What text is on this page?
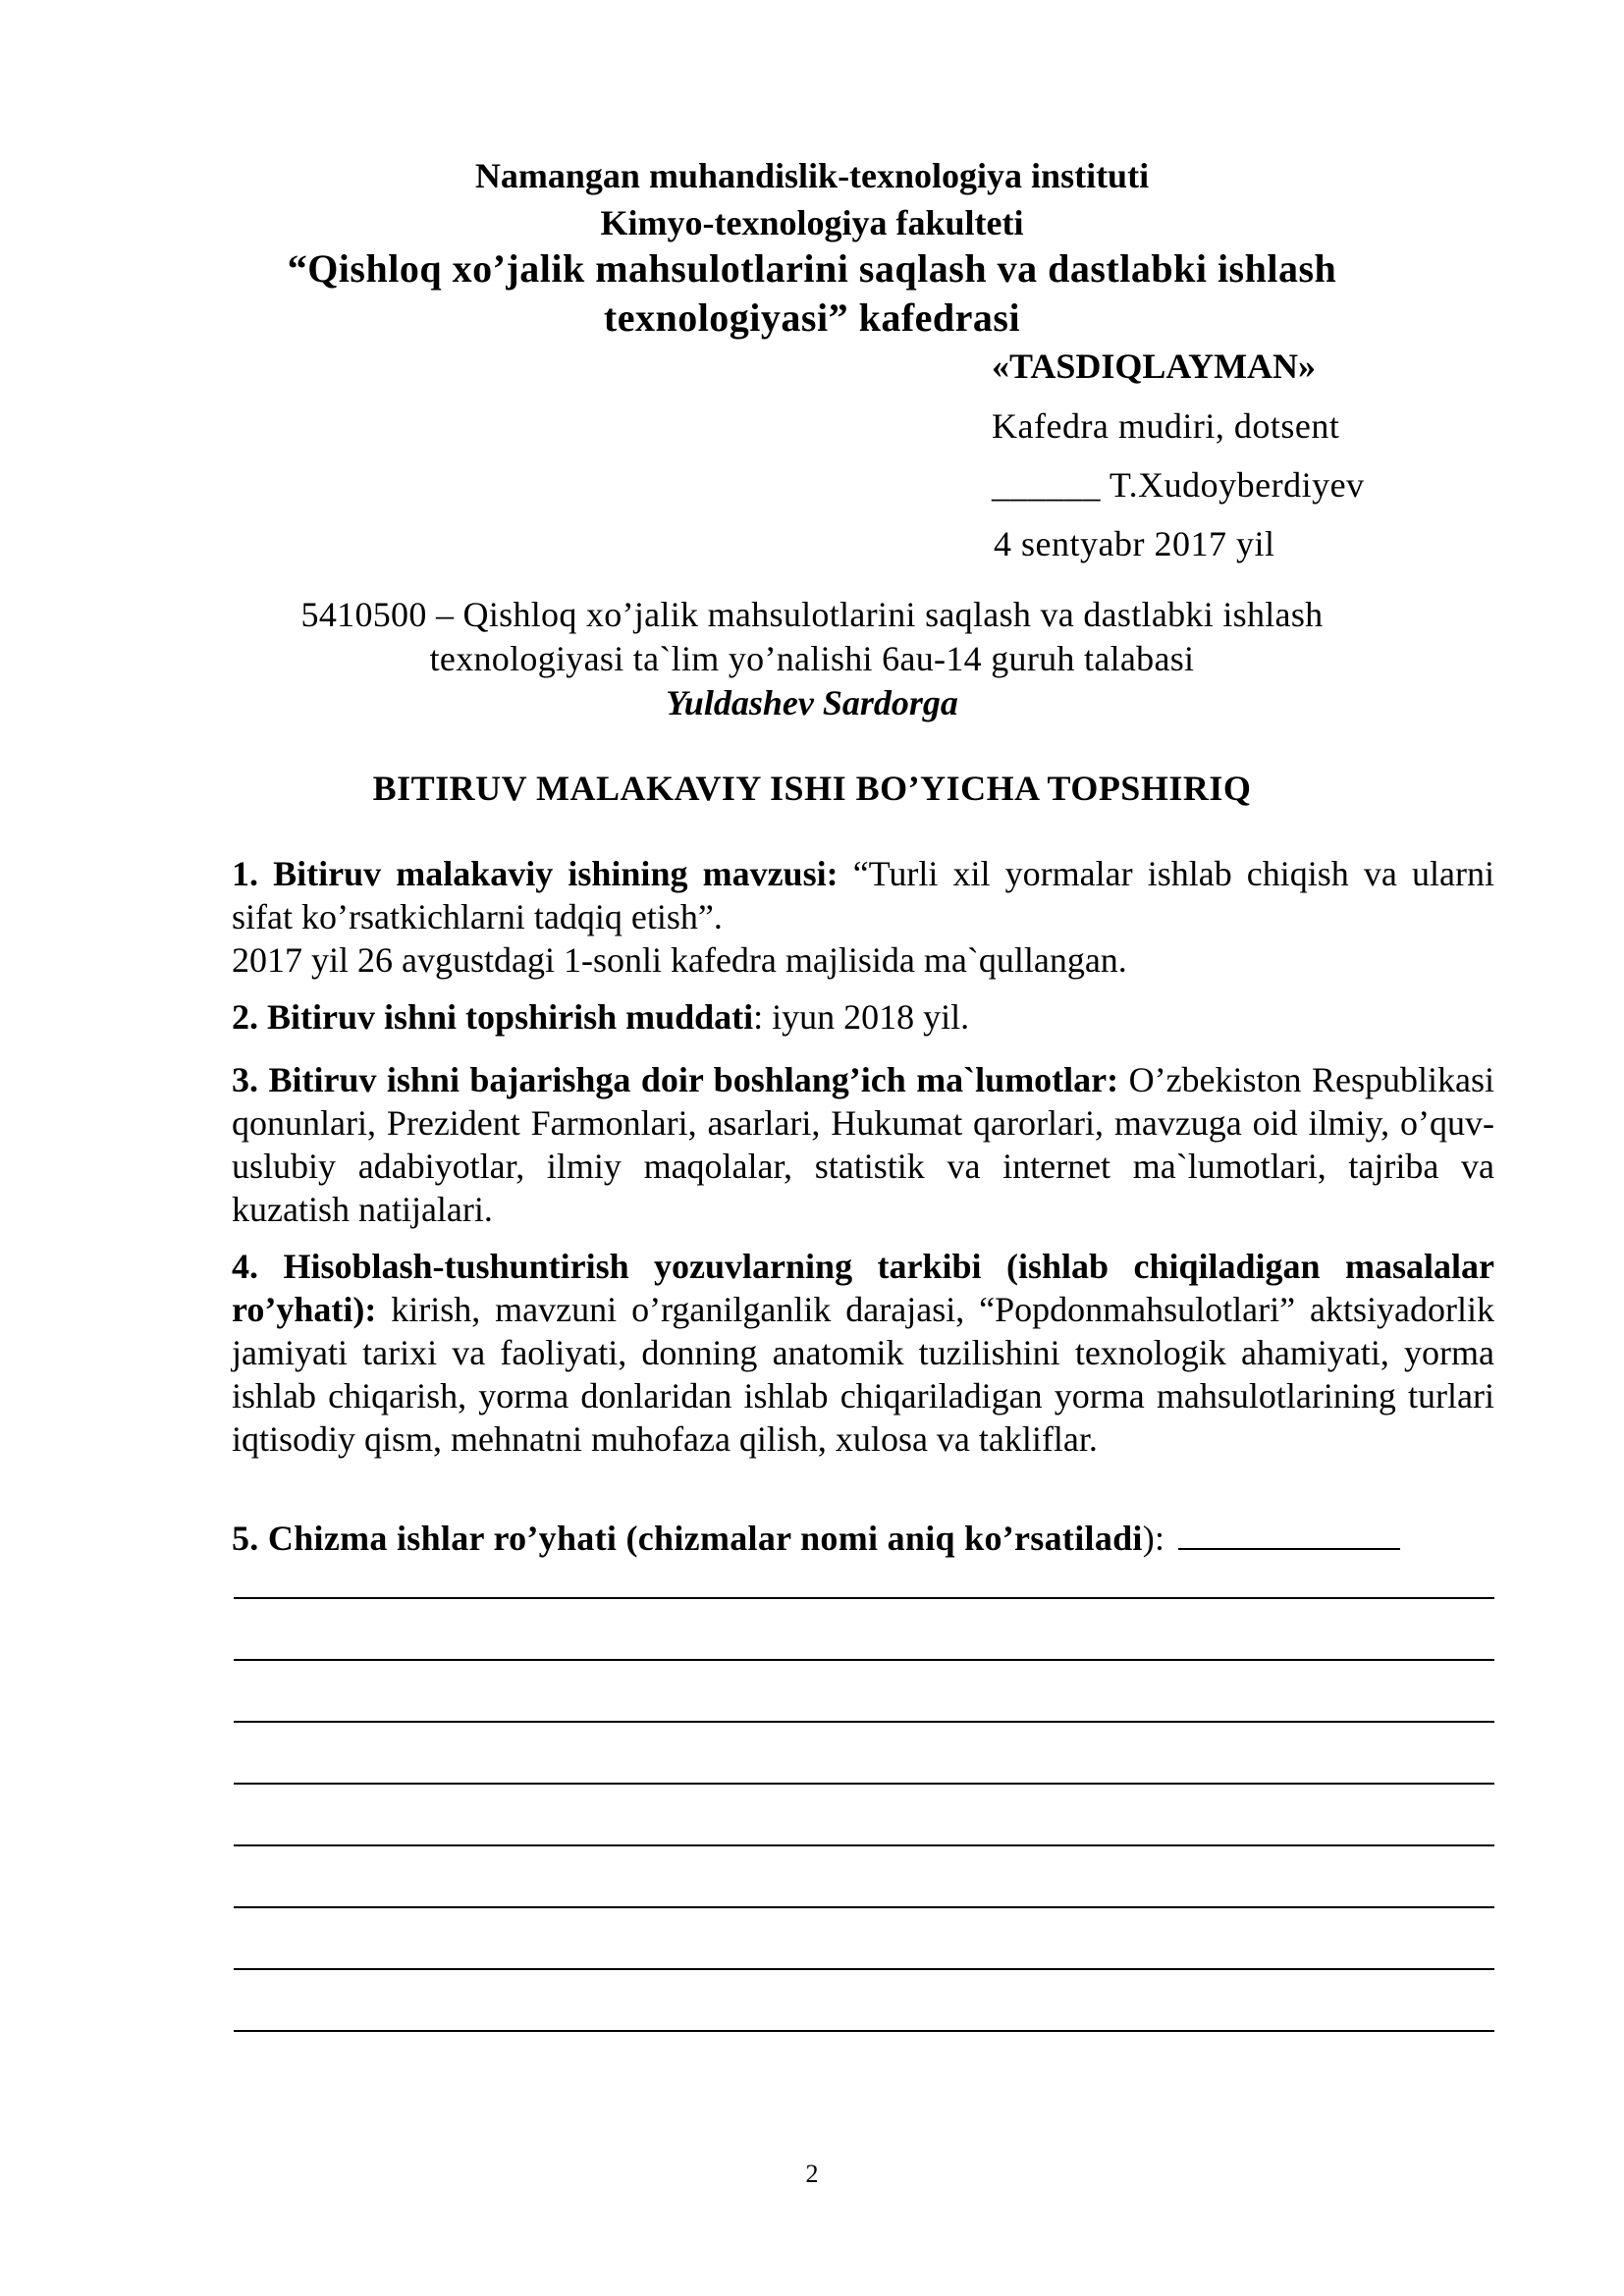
Namangan muhandislik-texnologiya instituti
Kimyo-texnologiya fakulteti
“Qishloq xo’jalik mahsulotlarini saqlash va dastlabki ishlash
texnologiyasi” kafedrasi
«TASDIQLAYMAN»
Kafedra mudiri, dotsent
______ T.Xudoyberdiyev
4 sentyabr 2017 yil
5410500 – Qishloq xo’jalik mahsulotlarini saqlash va dastlabki ishlash
texnologiyasi ta`lim yo’nalishi 6au-14 guruh talabasi
Yuldashev Sardorga
BITIRUV MALAKAVIY ISHI BO’YICHA TOPSHIRIQ
1. Bitiruv malakaviy ishining mavzusi: “Turli xil yormalar ishlab chiqish va ularni sifat ko’rsatkichlarni tadqiq etish”.
2017 yil 26 avgustdagi 1-sonli kafedra majlisida ma`qullangan.
2. Bitiruv ishni topshirish muddati: iyun 2018 yil.
3. Bitiruv ishni bajarishga doir boshlang’ich ma`lumotlar: O’zbekiston Respublikasi qonunlari, Prezident Farmonlari, asarlari, Hukumat qarorlari, mavzuga oid ilmiy, o’quv-uslubiy adabiyotlar, ilmiy maqolalar, statistik va internet ma`lumotlari, tajriba va kuzatish natijalari.
4. Hisoblash-tushuntirish yozuvlarning tarkibi (ishlab chiqiladigan masalalar ro’yhati): kirish, mavzuni o’rganilganlik darajasi, “Popdonmahsulotlari” aktsiyadorlik jamiyati tarixi va faoliyati, donning anatomik tuzilishini texnologik ahamiyati, yorma ishlab chiqarish, yorma donlaridan ishlab chiqariladigan yorma mahsulotlarining turlari iqtisodiy qism, mehnatni muhofaza qilish, xulosa va takliflar.
5. Chizma ishlar ro’yhati (chizmalar nomi aniq ko’rsatiladi):
2
